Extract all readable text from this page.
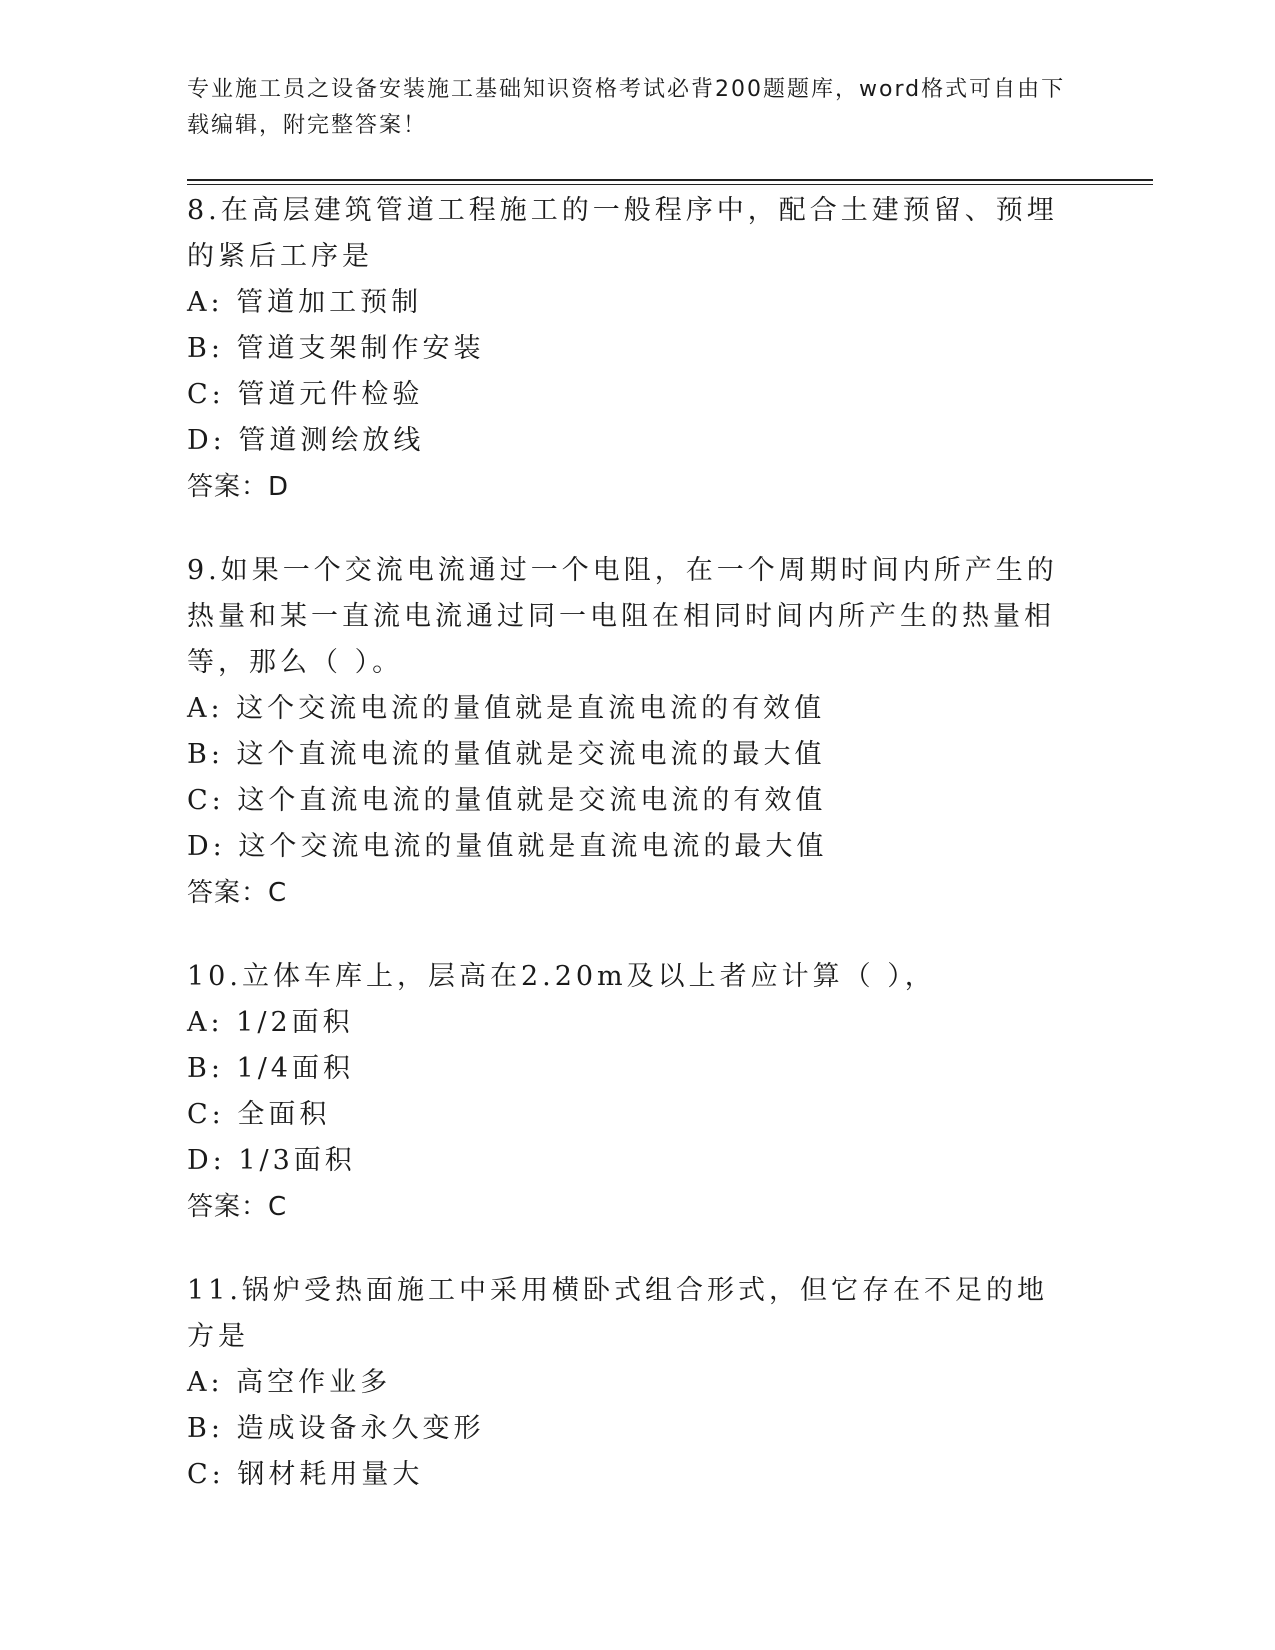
专业施工员之设备安装施工基础知识资格考试必背200题题库，word格式可自由下载编辑，附完整答案！

8.在高层建筑管道工程施工的一般程序中，配合土建预留、预埋的紧后工序是

A: 管道加工预制

B: 管道支架制作安装

C: 管道元件检验

D: 管道测绘放线

答案：D

9.如果一个交流电流通过一个电阻，在一个周期时间内所产生的热量和某一直流电流通过同一电阻在相同时间内所产生的热量相等，那么（ ）。

A: 这个交流电流的量值就是直流电流的有效值

B: 这个直流电流的量值就是交流电流的最大值

C: 这个直流电流的量值就是交流电流的有效值

D: 这个交流电流的量值就是直流电流的最大值

答案：C

10.立体车库上，层高在2.20m及以上者应计算（ ），

A: 1/2面积

B: 1/4面积

C: 全面积

D: 1/3面积

答案：C

11.锅炉受热面施工中采用横卧式组合形式，但它存在不足的地方是

A: 高空作业多

B: 造成设备永久变形

C: 钢材耗用量大
